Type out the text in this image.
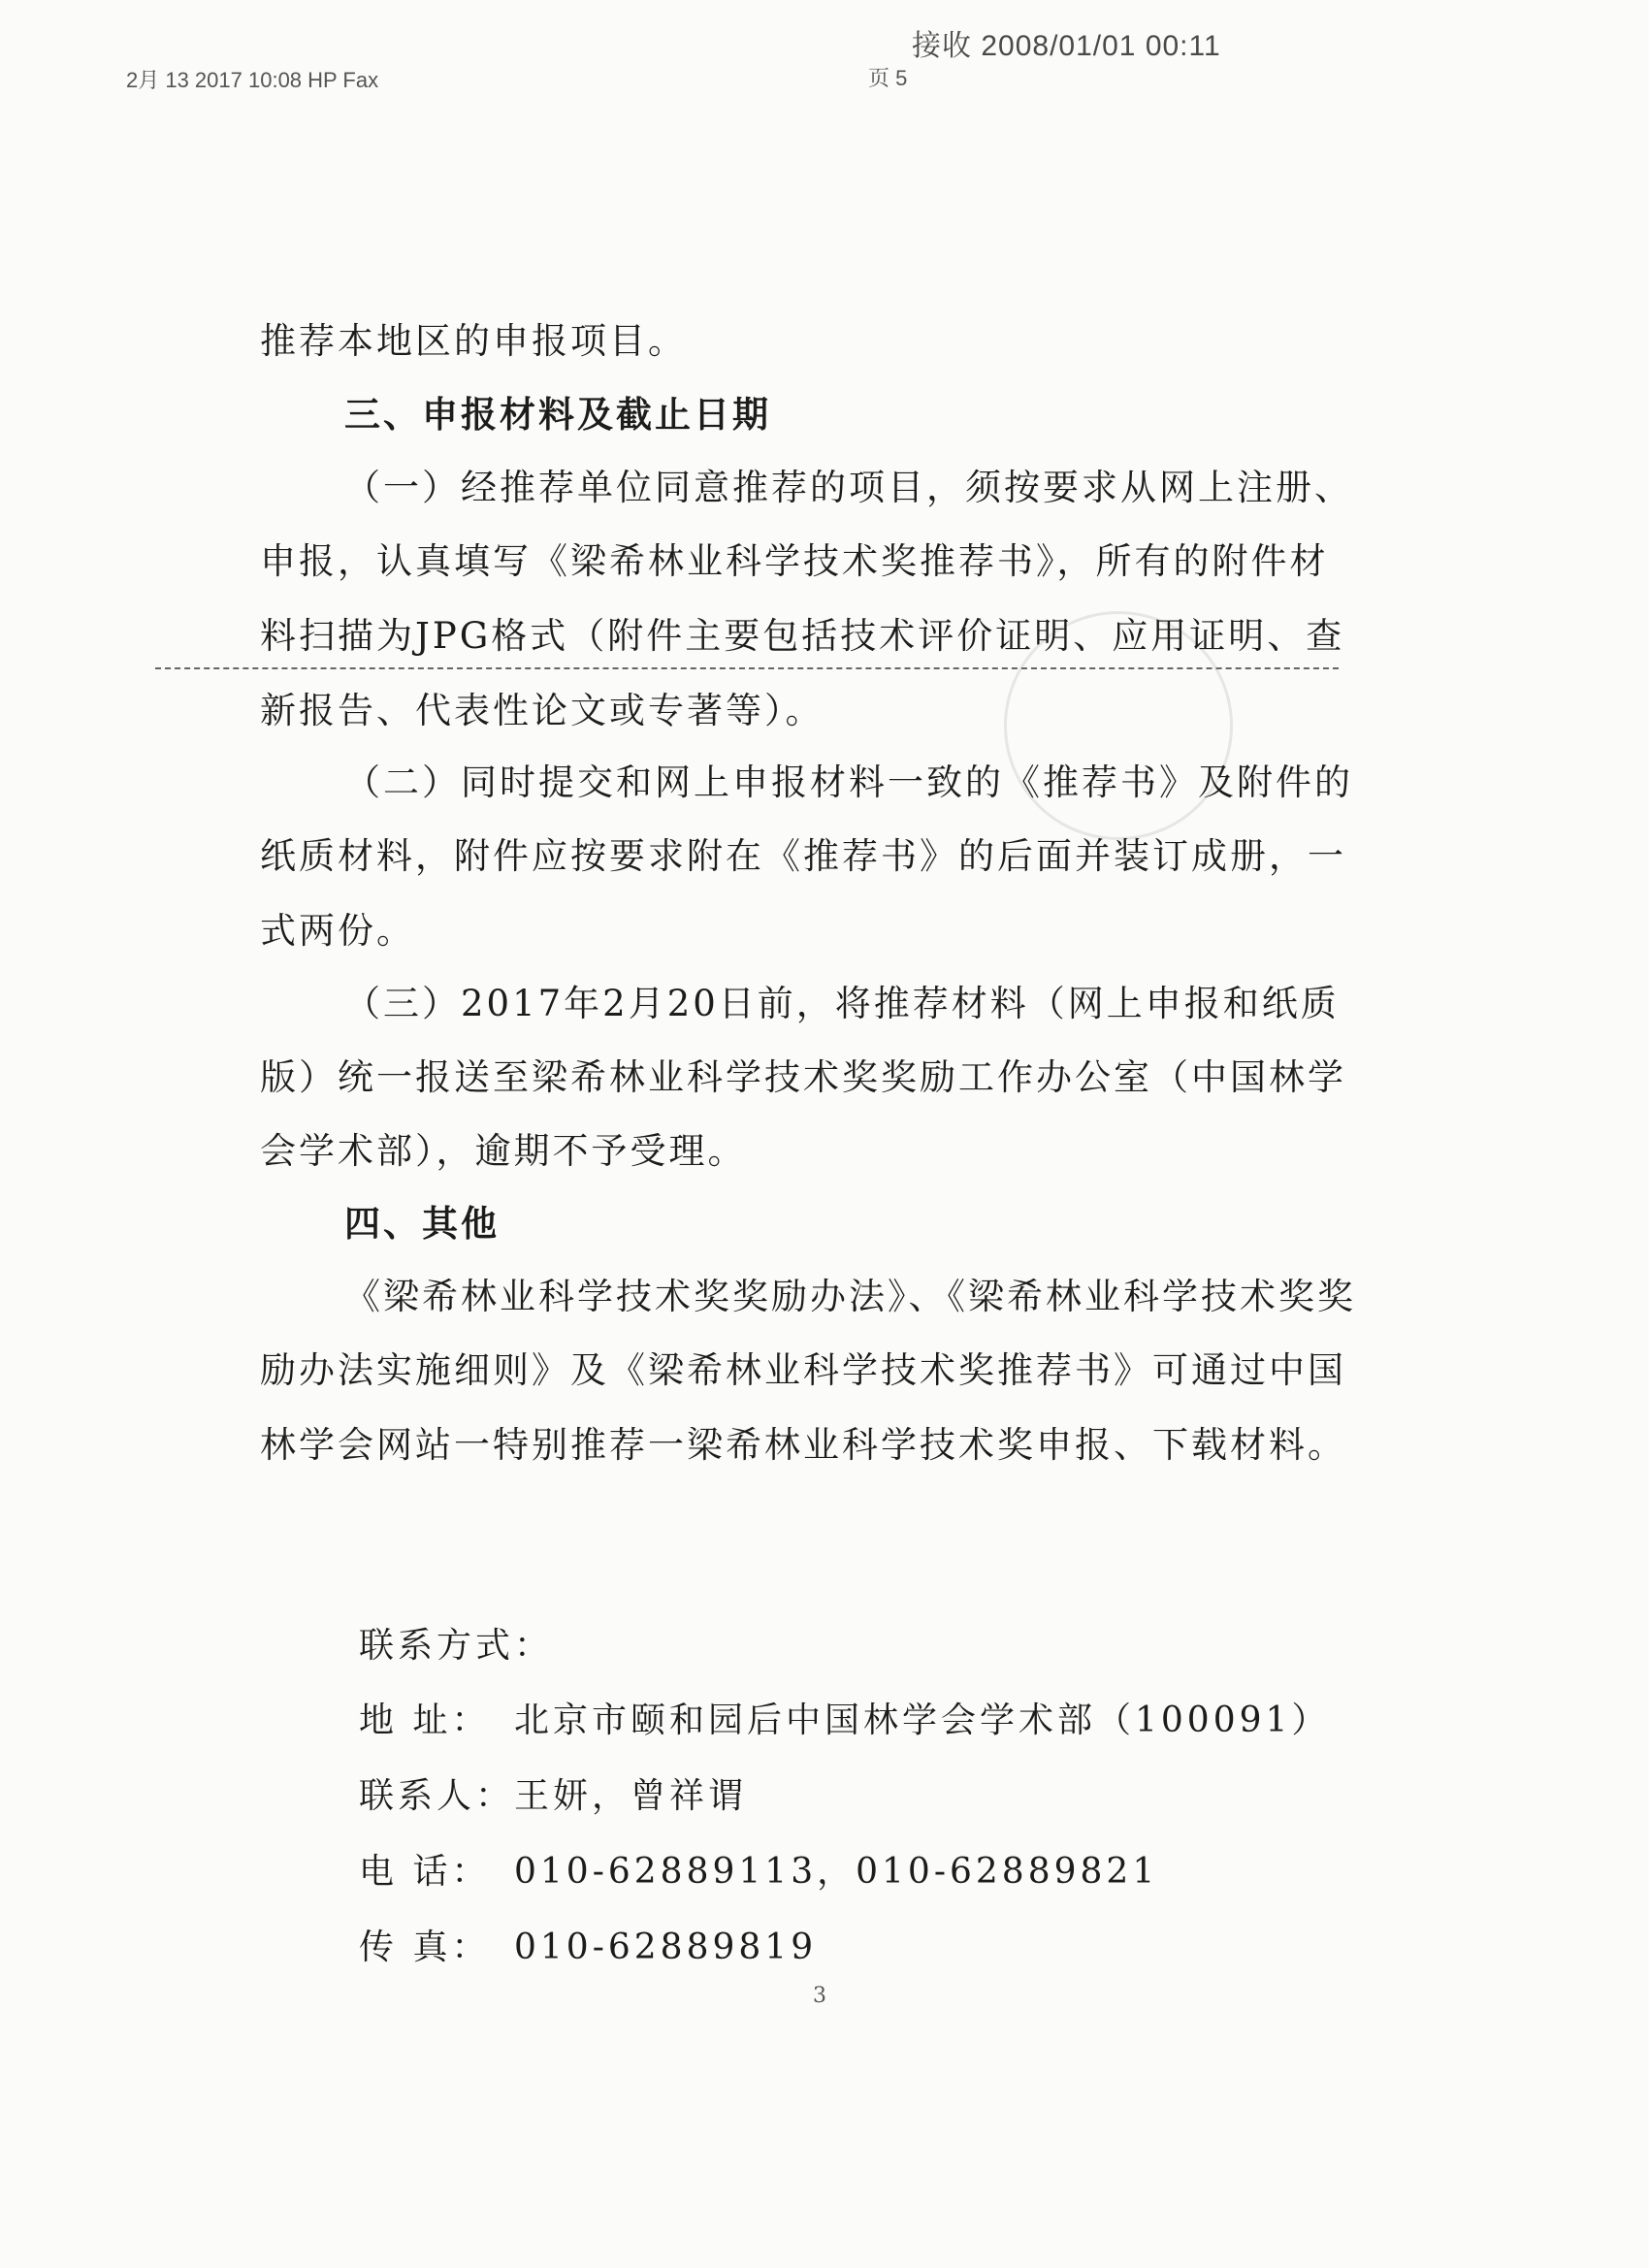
接收 2008/01/01 00:11
2月 13 2017 10:08 HP Fax	页 5
推荐本地区的申报项目。
三、申报材料及截止日期
（一）经推荐单位同意推荐的项目，须按要求从网上注册、
申报，认真填写《梁希林业科学技术奖推荐书》，所有的附件材
料扫描为JPG格式（附件主要包括技术评价证明、应用证明、查
新报告、代表性论文或专著等）。
（二）同时提交和网上申报材料一致的《推荐书》及附件的
纸质材料，附件应按要求附在《推荐书》的后面并装订成册，一
式两份。
（三）2017年2月20日前，将推荐材料（网上申报和纸质
版）统一报送至梁希林业科学技术奖奖励工作办公室（中国林学
会学术部），逾期不予受理。
四、其他
《梁希林业科学技术奖奖励办法》、《梁希林业科学技术奖奖
励办法实施细则》及《梁希林业科学技术奖推荐书》可通过中国
林学会网站一特别推荐一梁希林业科学技术奖申报、下载材料。
联系方式：
地 址： 北京市颐和园后中国林学会学术部（100091）
联系人： 王妍，曾祥谓
电 话： 010-62889113，010-62889821
传 真： 010-62889819
3
